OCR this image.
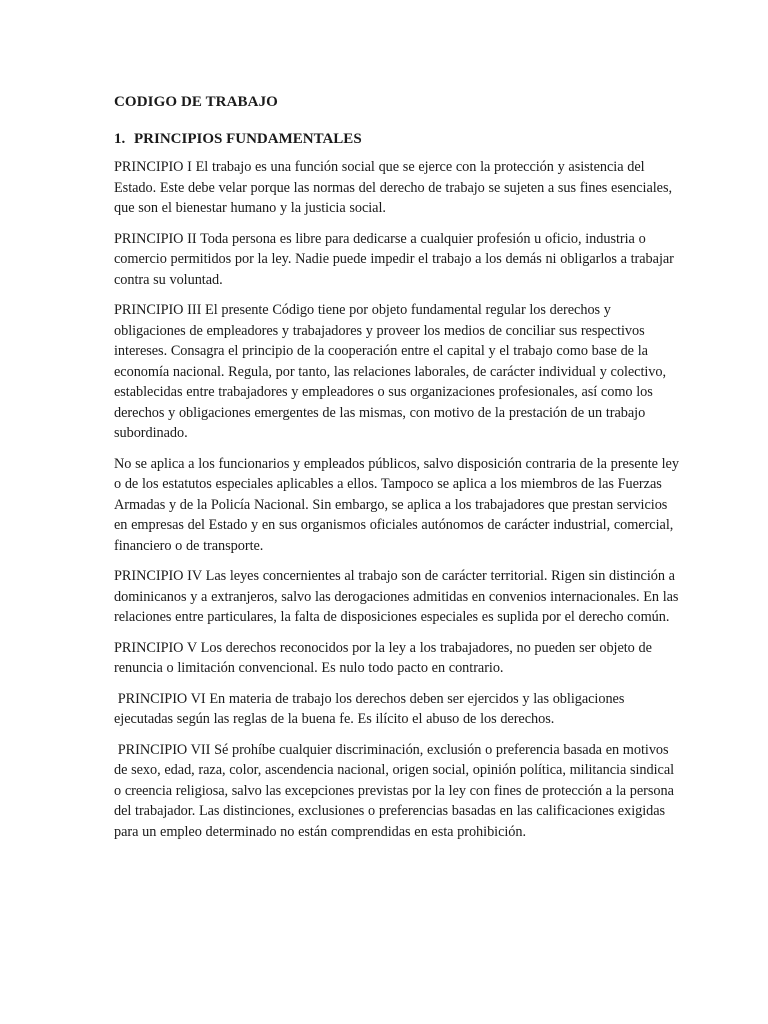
CODIGO DE TRABAJO
1. PRINCIPIOS FUNDAMENTALES

PRINCIPIO I El trabajo es una función social que se ejerce con la protección y asistencia del Estado. Este debe velar porque las normas del derecho de trabajo se sujeten a sus fines esenciales, que son el bienestar humano y la justicia social.

PRINCIPIO II Toda persona es libre para dedicarse a cualquier profesión u oficio, industria o comercio permitidos por la ley. Nadie puede impedir el trabajo a los demás ni obligarlos a trabajar contra su voluntad.

PRINCIPIO III El presente Código tiene por objeto fundamental regular los derechos y obligaciones de empleadores y trabajadores y proveer los medios de conciliar sus respectivos intereses. Consagra el principio de la cooperación entre el capital y el trabajo como base de la economía nacional. Regula, por tanto, las relaciones laborales, de carácter individual y colectivo, establecidas entre trabajadores y empleadores o sus organizaciones profesionales, así como los derechos y obligaciones emergentes de las mismas, con motivo de la prestación de un trabajo subordinado.

No se aplica a los funcionarios y empleados públicos, salvo disposición contraria de la presente ley o de los estatutos especiales aplicables a ellos. Tampoco se aplica a los miembros de las Fuerzas Armadas y de la Policía Nacional. Sin embargo, se aplica a los trabajadores que prestan servicios en empresas del Estado y en sus organismos oficiales autónomos de carácter industrial, comercial, financiero o de transporte.

PRINCIPIO IV Las leyes concernientes al trabajo son de carácter territorial. Rigen sin distinción a dominicanos y a extranjeros, salvo las derogaciones admitidas en convenios internacionales. En las relaciones entre particulares, la falta de disposiciones especiales es suplida por el derecho común.

PRINCIPIO V Los derechos reconocidos por la ley a los trabajadores, no pueden ser objeto de renuncia o limitación convencional. Es nulo todo pacto en contrario.

PRINCIPIO VI En materia de trabajo los derechos deben ser ejercidos y las obligaciones ejecutadas según las reglas de la buena fe. Es ilícito el abuso de los derechos.

PRINCIPIO VII Sé prohíbe cualquier discriminación, exclusión o preferencia basada en motivos de sexo, edad, raza, color, ascendencia nacional, origen social, opinión política, militancia sindical o creencia religiosa, salvo las excepciones previstas por la ley con fines de protección a la persona del trabajador. Las distinciones, exclusiones o preferencias basadas en las calificaciones exigidas para un empleo determinado no están comprendidas en esta prohibición.
